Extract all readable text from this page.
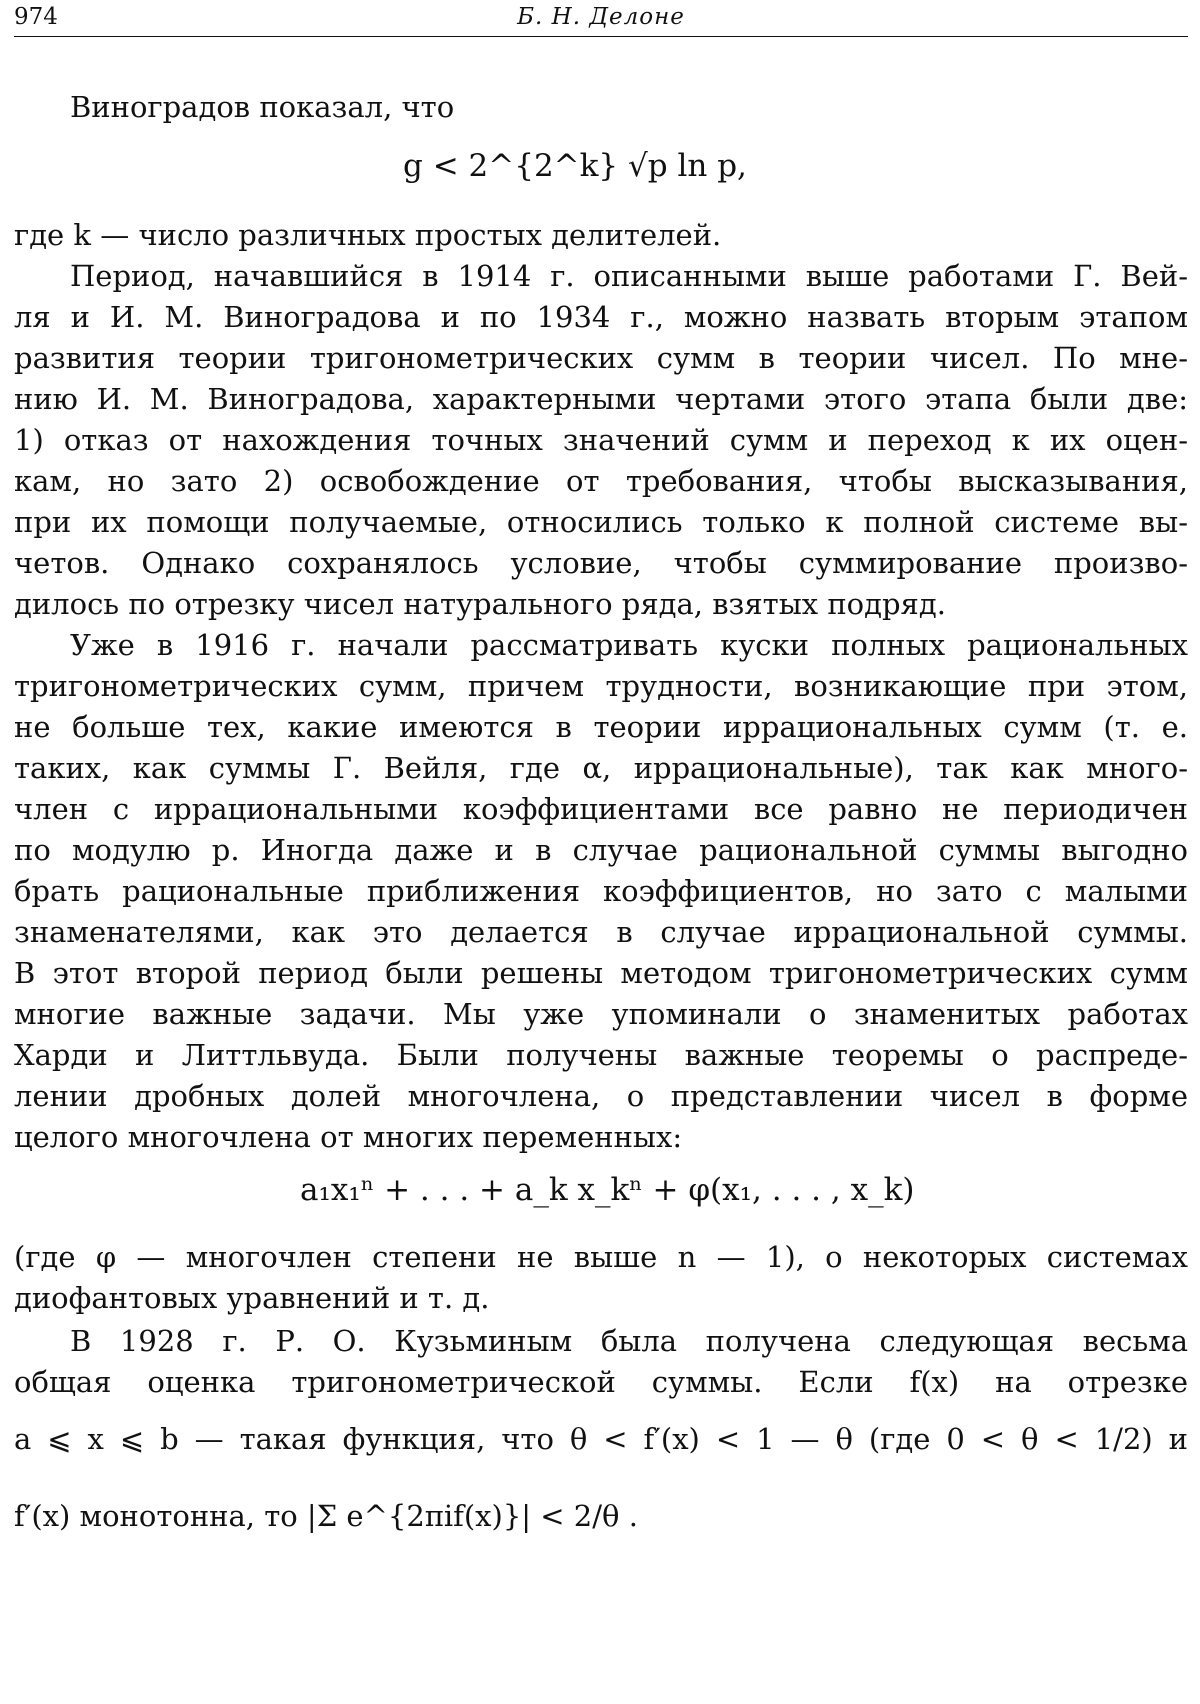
974	Б. Н. Делоне
Виноградов показал, что
g < 2^{2^k} √p ln p,
где k — число различных простых делителей.
Период, начавшийся в 1914 г. описанными выше работами Г. Вей-
ля и И. М. Виноградова и по 1934 г., можно назвать вторым этапом
развития теории тригонометрических сумм в теории чисел. По мне-
нию И. М. Виноградова, характерными чертами этого этапа были две:
1) отказ от нахождения точных значений сумм и переход к их оцен-
кам, но зато 2) освобождение от требования, чтобы высказывания,
при их помощи получаемые, относились только к полной системе вы-
четов. Однако сохранялось условие, чтобы суммирование произво-
дилось по отрезку чисел натурального ряда, взятых подряд.
Уже в 1916 г. начали рассматривать куски полных рациональных
тригонометрических сумм, причем трудности, возникающие при этом,
не больше тех, какие имеются в теории иррациональных сумм (т. е.
таких, как суммы Г. Вейля, где α, иррациональные), так как много-
член с иррациональными коэффициентами все равно не периодичен
по модулю p. Иногда даже и в случае рациональной суммы выгодно
брать рациональные приближения коэффициентов, но зато с малыми
знаменателями, как это делается в случае иррациональной суммы.
В этот второй период были решены методом тригонометрических сумм
многие важные задачи. Мы уже упоминали о знаменитых работах
Харди и Литтльвуда. Были получены важные теоремы о распреде-
лении дробных долей многочлена, о представлении чисел в форме
целого многочлена от многих переменных:
a₁x₁ⁿ + . . . + a_k x_kⁿ + φ(x₁, . . . , x_k)
(где φ — многочлен степени не выше n — 1), о некоторых системах
диофантовых уравнений и т. д.
В 1928 г. Р. О. Кузьминым была получена следующая весьма
общая оценка тригонометрической суммы. Если f(x) на отрезке
a ⩽ x ⩽ b — такая функция, что θ < f′(x) < 1 — θ (где 0 < θ < 1/2) и
f′(x) монотонна, то |Σ e^{2πif(x)}| < 2/θ .
